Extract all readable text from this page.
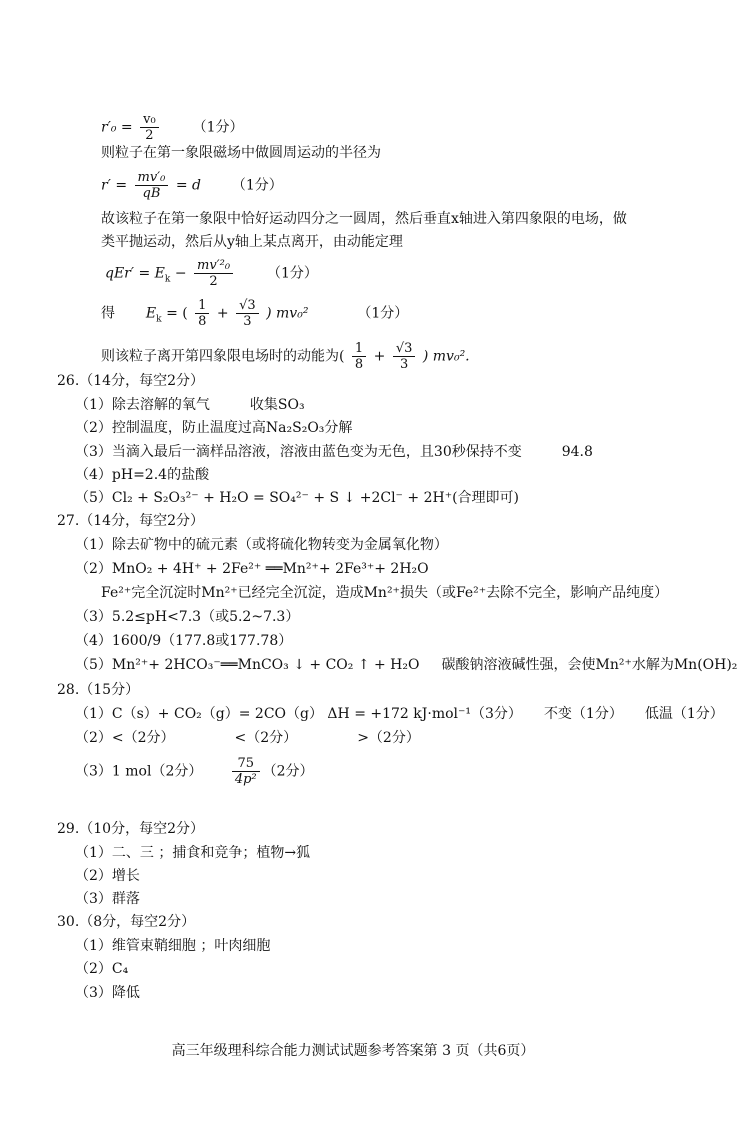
$r'_0 = \frac{\text{v₀}}{2} (1$分）
则粒子在第一象限磁场中做圆周运动的半径为
$r' = \frac{\text{mv′₀}}{qB} = d$ （1分）
故该粒子在第一象限中恰好运动四分之一圆周，然后垂直x轴进入第四象限的电场，做
类平抛运动，然后从y轴上某点离开，由动能定理
$qEr' = E_k - \frac{\text{mv′²₀}}{2} (1$分）
得 $E_k$ = ( $\frac{1}{8} + \frac{√3}{3}$ ) mv₀²	（1分）
则该粒子离开第四象限电场时的动能为( $\frac{1}{8} + \frac{√3}{3}$ ) mv₀².
26.（14分，每空2分）
（1）除去溶解的氧气	收集SO₃
（2）控制温度，防止温度过高Na₂S₂O₃分解
（3）当滴入最后一滴样品溶液，溶液由蓝色变为无色，且30秒保持不变	94.8
（4）pH=2.4的盐酸
（5）Cl₂ + S₂O₃²⁻ + H₂O = SO₄²⁻ + S ↓ +2Cl⁻ + 2H⁺(合理即可)
27.（14分，每空2分）
（1）除去矿物中的硫元素（或将硫化物转变为金属氧化物）
（2）MnO₂ + 4H⁺ + 2Fe²⁺ ══Mn²⁺+ 2Fe³⁺+ 2H₂O
Fe²⁺完全沉淀时Mn²⁺已经完全沉淀，造成Mn²⁺损失（或Fe²⁺去除不完全，影响产品纯度）
（3）5.2≤pH<7.3（或5.2~7.3）
（4）1600/9（177.8或177.78）
（5）Mn²⁺+ 2HCO₃⁻══MnCO₃ ↓ + CO₂ ↑ + H₂O 碳酸钠溶液碱性强，会使Mn²⁺水解为Mn(OH)₂
28.（15分）
（1）C（s）+ CO₂（g）= 2CO（g） ΔH = +172 kJ·mol⁻¹（3分） 不变（1分） 低温（1分）
（2）<（2分）	<（2分）	>（2分）
（3）1 mol（2分） $\frac{75}{\text{4p²}} (2$分）
29.（10分，每空2分）
（1）二、三 ；捕食和竞争；植物→狐
（2）增长
（3）群落
30.（8分，每空2分）
（1）维管束鞘细胞 ；叶肉细胞
（2）C₄
（3）降低
高三年级理科综合能力测试试题参考答案第 3 页（共6页）
